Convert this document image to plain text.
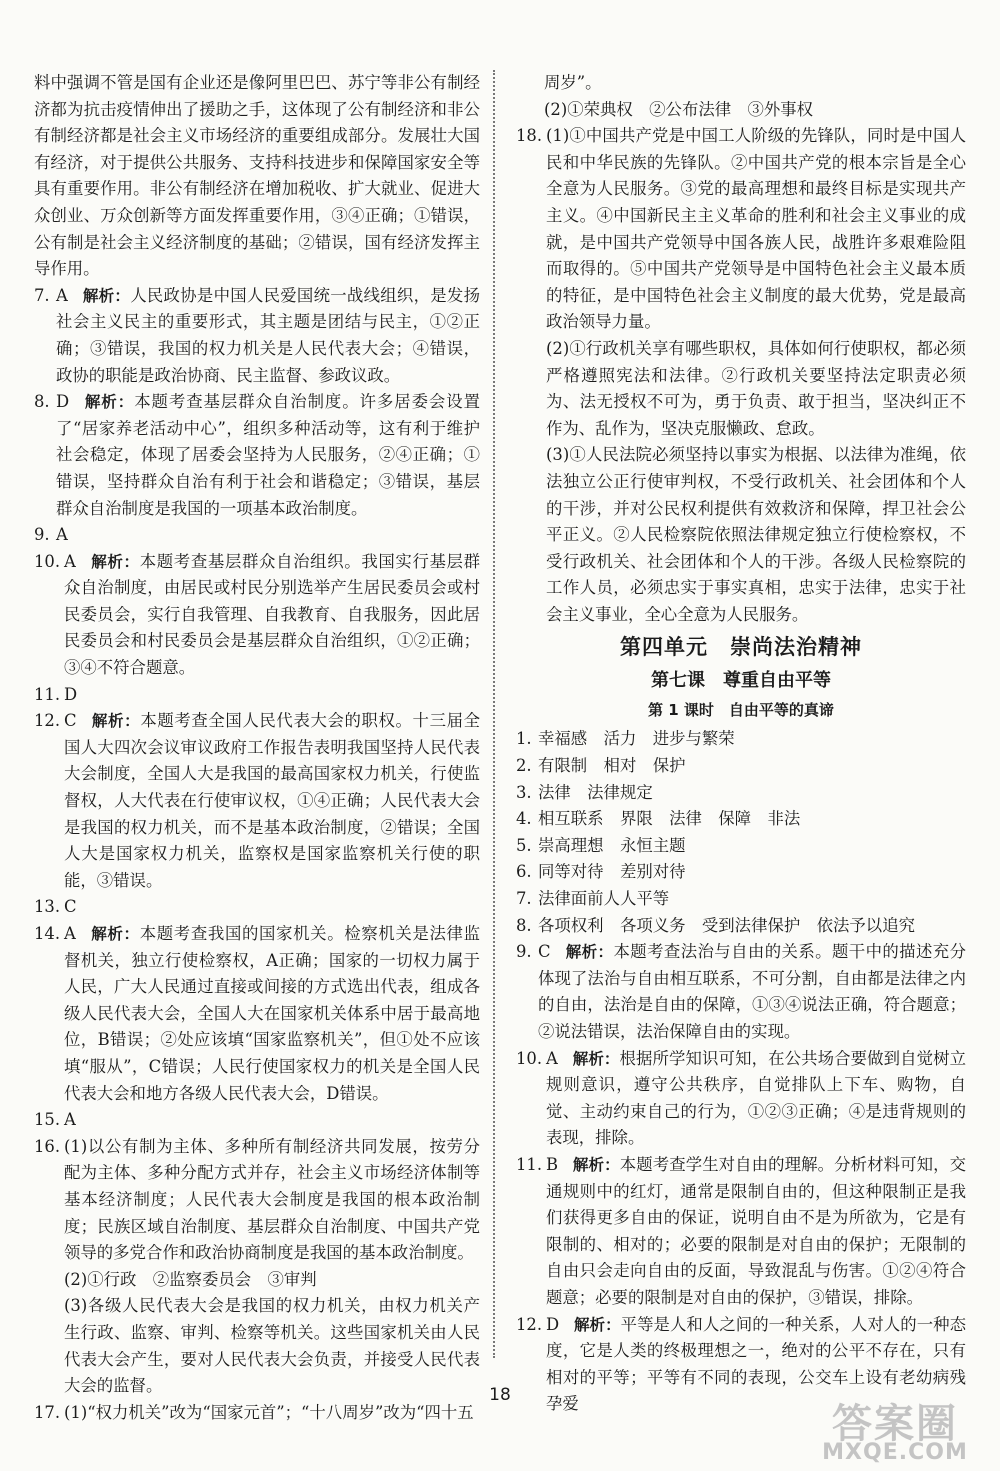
料中强调不管是国有企业还是像阿里巴巴、苏宁等非公有制经济都为抗击疫情伸出了援助之手，这体现了公有制经济和非公有制经济都是社会主义市场经济的重要组成部分。发展壮大国有经济，对于提供公共服务、支持科技进步和保障国家安全等具有重要作用。非公有制经济在增加税收、扩大就业、促进大众创业、万众创新等方面发挥重要作用，③④正确；①错误，公有制是社会主义经济制度的基础；②错误，国有经济发挥主导作用。
7. A 解析：人民政协是中国人民爱国统一战线组织，是发扬社会主义民主的重要形式，其主题是团结与民主，①②正确；③错误，我国的权力机关是人民代表大会；④错误，政协的职能是政治协商、民主监督、参政议政。
8. D 解析：本题考查基层群众自治制度。许多居委会设置了“居家养老活动中心”，组织多种活动等，这有利于维护社会稳定，体现了居委会坚持为人民服务，②④正确；①错误，坚持群众自治有利于社会和谐稳定；③错误，基层群众自治制度是我国的一项基本政治制度。
9. A
10. A 解析：本题考查基层群众自治组织。我国实行基层群众自治制度，由居民或村民分别选举产生居民委员会或村民委员会，实行自我管理、自我教育、自我服务，因此居民委员会和村民委员会是基层群众自治组织，①②正确；③④不符合题意。
11. D
12. C 解析：本题考查全国人民代表大会的职权。十三届全国人大四次会议审议政府工作报告表明我国坚持人民代表大会制度，全国人大是我国的最高国家权力机关，行使监督权，人大代表在行使审议权，①④正确；人民代表大会是我国的权力机关，而不是基本政治制度，②错误；全国人大是国家权力机关，监察权是国家监察机关行使的职能，③错误。
13. C
14. A 解析：本题考查我国的国家机关。检察机关是法律监督机关，独立行使检察权，A正确；国家的一切权力属于人民，广大人民通过直接或间接的方式选出代表，组成各级人民代表大会，全国人大在国家机关体系中居于最高地位，B错误；②处应该填“国家监察机关”，但①处不应该填“服从”，C错误；人民行使国家权力的机关是全国人民代表大会和地方各级人民代表大会，D错误。
15. A
16. (1)以公有制为主体、多种所有制经济共同发展，按劳分配为主体、多种分配方式并存，社会主义市场经济体制等基本经济制度；人民代表大会制度是我国的根本政治制度；民族区域自治制度、基层群众自治制度、中国共产党领导的多党合作和政治协商制度是我国的基本政治制度。
(2)①行政　②监察委员会　③审判
(3)各级人民代表大会是我国的权力机关，由权力机关产生行政、监察、审判、检察等机关。这些国家机关由人民代表大会产生，要对人民代表大会负责，并接受人民代表大会的监督。
17. (1)“权力机关”改为“国家元首”；“十八周岁”改为“四十五
周岁”。
(2)①荣典权　②公布法律　③外事权
18. (1)①中国共产党是中国工人阶级的先锋队，同时是中国人民和中华民族的先锋队。②中国共产党的根本宗旨是全心全意为人民服务。③党的最高理想和最终目标是实现共产主义。④中国新民主主义革命的胜利和社会主义事业的成就，是中国共产党领导中国各族人民，战胜许多艰难险阻而取得的。⑤中国共产党领导是中国特色社会主义最本质的特征，是中国特色社会主义制度的最大优势，党是最高政治领导力量。
(2)①行政机关享有哪些职权，具体如何行使职权，都必须严格遵照宪法和法律。②行政机关要坚持法定职责必须为、法无授权不可为，勇于负责、敢于担当，坚决纠正不作为、乱作为，坚决克服懒政、怠政。
(3)①人民法院必须坚持以事实为根据、以法律为准绳，依法独立公正行使审判权，不受行政机关、社会团体和个人的干涉，并对公民权利提供有效救济和保障，捍卫社会公平正义。②人民检察院依照法律规定独立行使检察权，不受行政机关、社会团体和个人的干涉。各级人民检察院的工作人员，必须忠实于事实真相，忠实于法律，忠实于社会主义事业，全心全意为人民服务。
第四单元　崇尚法治精神
第七课　尊重自由平等
第 1 课时　自由平等的真谛
1. 幸福感　活力　进步与繁荣
2. 有限制　相对　保护
3. 法律　法律规定
4. 相互联系　界限　法律　保障　非法
5. 崇高理想　永恒主题
6. 同等对待　差别对待
7. 法律面前人人平等
8. 各项权利　各项义务　受到法律保护　依法予以追究
9. C 解析：本题考查法治与自由的关系。题干中的描述充分体现了法治与自由相互联系，不可分割，自由都是法律之内的自由，法治是自由的保障，①③④说法正确，符合题意；②说法错误，法治保障自由的实现。
10. A 解析：根据所学知识可知，在公共场合要做到自觉树立规则意识，遵守公共秩序，自觉排队上下车、购物，自觉、主动约束自己的行为，①②③正确；④是违背规则的表现，排除。
11. B 解析：本题考查学生对自由的理解。分析材料可知，交通规则中的红灯，通常是限制自由的，但这种限制正是我们获得更多自由的保证，说明自由不是为所欲为，它是有限制的、相对的；必要的限制是对自由的保护；无限制的自由只会走向自由的反面，导致混乱与伤害。①②④符合题意；必要的限制是对自由的保护，③错误，排除。
12. D 解析：平等是人和人之间的一种关系，人对人的一种态度，它是人类的终极理想之一，绝对的公平不存在，只有相对的平等；平等有不同的表现，公交车上设有老幼病残孕爱
18
答案圈
MXQE.COM
